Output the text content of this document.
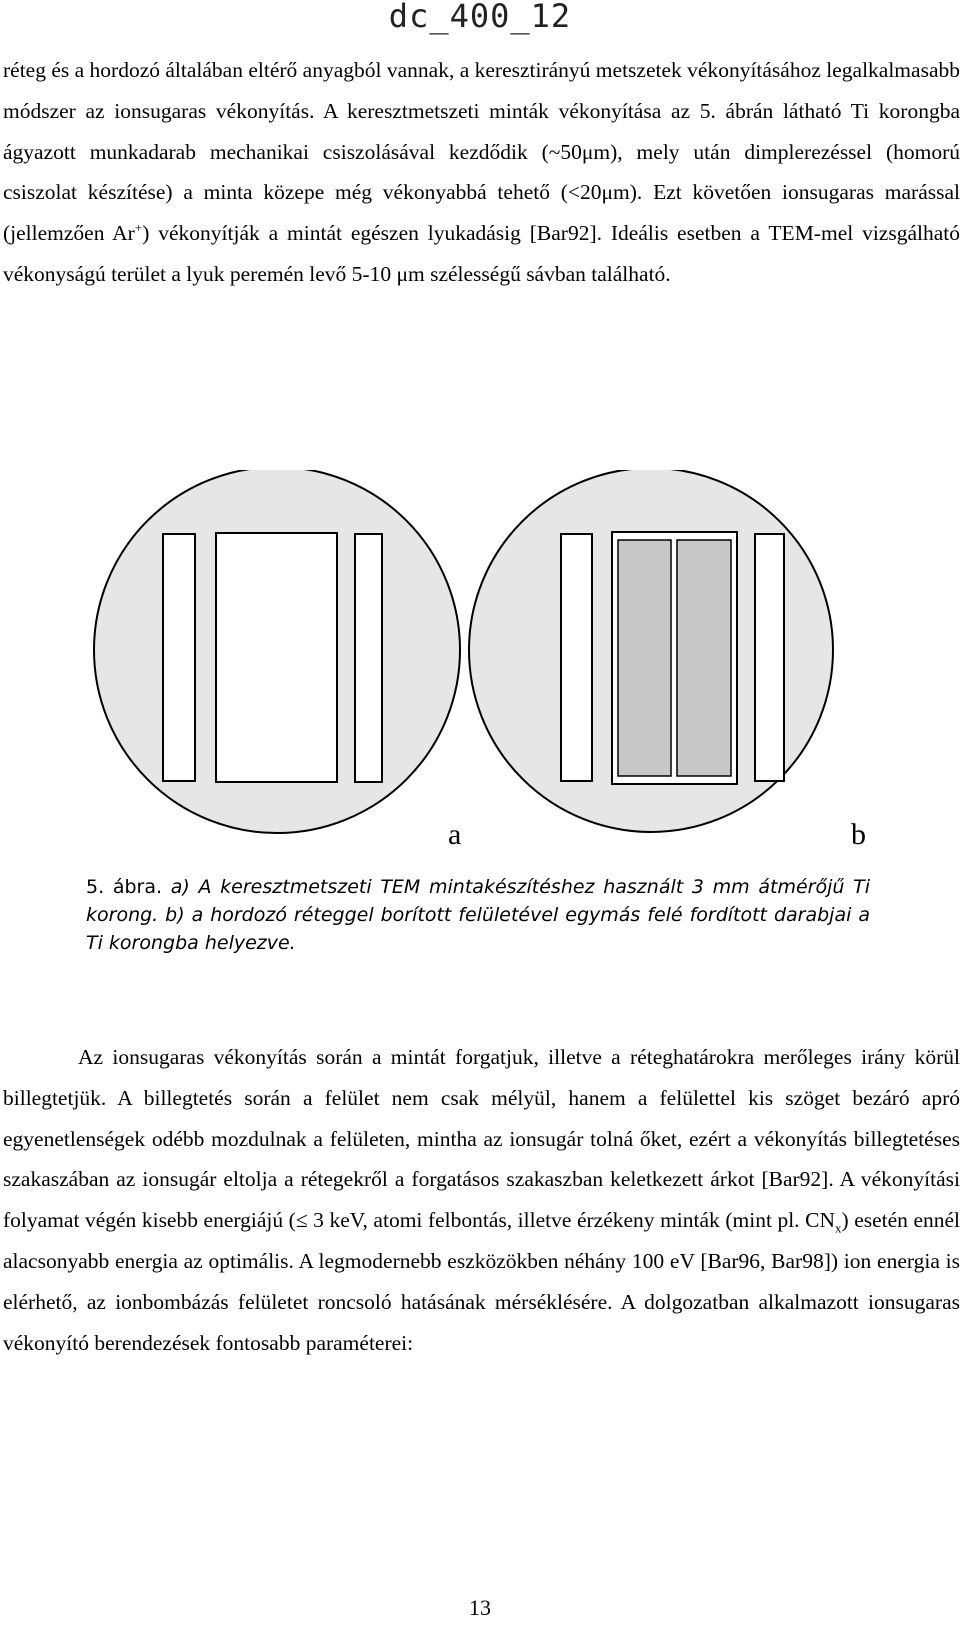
dc_400_12

réteg és a hordozó általában eltérő anyagból vannak, a keresztirányú metszetek vékonyításához legalkalmasabb módszer az ionsugaras vékonyítás. A keresztmetszeti minták vékonyítása az 5. ábrán látható Ti korongba ágyazott munkadarab mechanikai csiszolásával kezdődik (~50μm), mely után dimplerezéssel (homorú csiszolat készítése) a minta közepe még vékonyabbá tehető (<20μm). Ezt követően ionsugaras marással (jellemzően Ar+) vékonyítják a mintát egészen lyukadásig [Bar92]. Ideális esetben a TEM-mel vizsgálható vékonyságú terület a lyuk peremén levő 5-10 μm szélességű sávban található.

a	b

5. ábra. a) A keresztmetszeti TEM mintakészítéshez használt 3 mm átmérőjű Ti korong. b) a hordozó réteggel borított felületével egymás felé fordított darabjai a Ti korongba helyezve.

Az ionsugaras vékonyítás során a mintát forgatjuk, illetve a réteghatárokra merőleges irány körül billegtetjük. A billegtetés során a felület nem csak mélyül, hanem a felülettel kis szöget bezáró apró egyenetlenségek odébb mozdulnak a felületen, mintha az ionsugár tolná őket, ezért a vékonyítás billegtetéses szakaszában az ionsugár eltolja a rétegekről a forgatásos szakaszban keletkezett árkot [Bar92]. A vékonyítási folyamat végén kisebb energiájú (≤ 3 keV, atomi felbontás, illetve érzékeny minták (mint pl. $CN_x$) esetén ennél alacsonyabb energia az optimális. A legmodernebb eszközökben néhány 100 eV [Bar96, Bar98]) ion energia is elérhető, az ionbombázás felületet roncsoló hatásának mérséklésére. A dolgozatban alkalmazott ionsugaras vékonyító berendezések fontosabb paraméterei:

13
